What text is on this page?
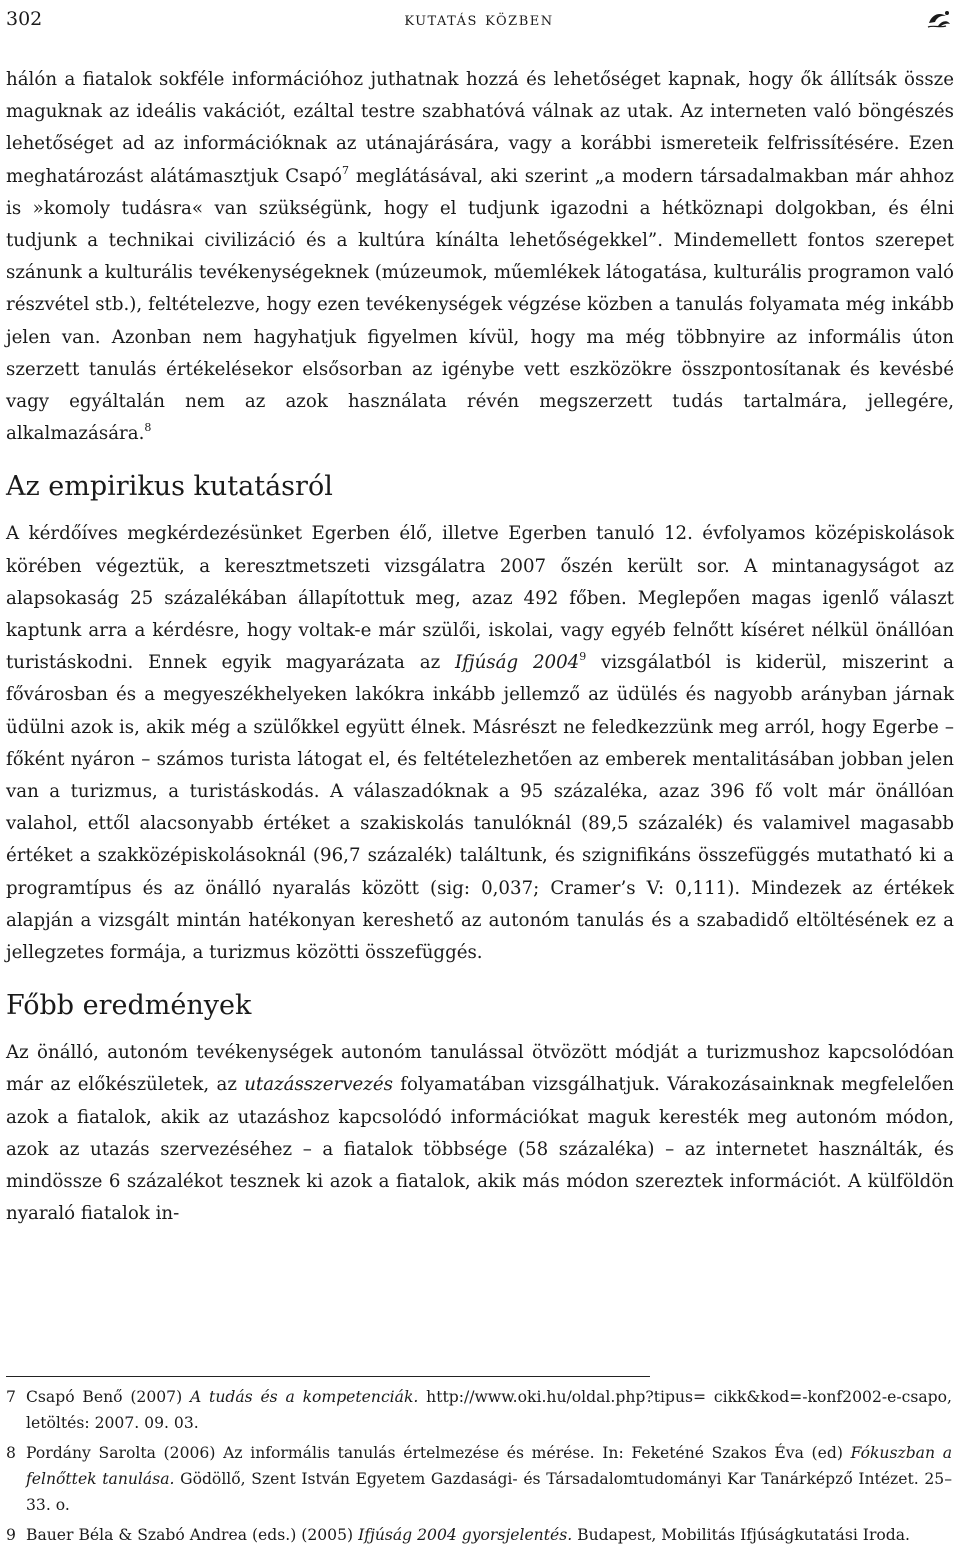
302	kutatás közben

hálón a fiatalok sokféle információhoz juthatnak hozzá és lehetőséget kapnak, hogy ők állítsák össze maguknak az ideális vakációt, ezáltal testre szabhatóvá válnak az utak. Az interneten való böngészés lehetőséget ad az információknak az utánajárására, vagy a korábbi ismereteik felfrissítésére. Ezen meghatározást alátámasztjuk Csapó$^7$ meglátásával, aki szerint „a modern társadalmakban már ahhoz is »komoly tudásra« van szükségünk, hogy el tudjunk igazodni a hétköznapi dolgokban, és élni tudjunk a technikai civilizáció és a kultúra kínálta lehetőségekkel”. Mindemellett fontos szerepet szánunk a kulturális tevékenységeknek (múzeumok, műemlékek látogatása, kulturális programon való részvétel stb.), feltételezve, hogy ezen tevékenységek végzése közben a tanulás folyamata még inkább jelen van. Azonban nem hagyhatjuk figyelmen kívül, hogy ma még többnyire az informális úton szerzett tanulás értékelésekor elsősorban az igénybe vett eszközökre összpontosítanak és kevésbé vagy egyáltalán nem az azok használata révén megszerzett tudás tartalmára, jellegére, alkalmazására.$^8$

Az empirikus kutatásról

A kérdőíves megkérdezésünket Egerben élő, illetve Egerben tanuló 12. évfolyamos középiskolások körében végeztük, a keresztmetszeti vizsgálatra 2007 őszén került sor. A mintanagyságot az alapsokaság 25 százalékában állapítottuk meg, azaz 492 főben. Meglepően magas igenlő választ kaptunk arra a kérdésre, hogy voltak-e már szülői, iskolai, vagy egyéb felnőtt kíséret nélkül önállóan turistáskodni. Ennek egyik magyarázata az Ifjúság 2004$^9$ vizsgálatból is kiderül, miszerint a fővárosban és a megyeszékhelyeken lakókra inkább jellemző az üdülés és nagyobb arányban járnak üdülni azok is, akik még a szülőkkel együtt élnek. Másrészt ne feledkezzünk meg arról, hogy Egerbe – főként nyáron – számos turista látogat el, és feltételezhetően az emberek mentalitásában jobban jelen van a turizmus, a turistáskodás. A válaszadóknak a 95 százaléka, azaz 396 fő volt már önállóan valahol, ettől alacsonyabb értéket a szakiskolás tanulóknál (89,5 százalék) és valamivel magasabb értéket a szakközépiskolásoknál (96,7 százalék) találtunk, és szignifikáns összefüggés mutatható ki a programtípus és az önálló nyaralás között (sig: 0,037; Cramer’s V: 0,111). Mindezek az értékek alapján a vizsgált mintán hatékonyan kereshető az autonóm tanulás és a szabadidő eltöltésének ez a jellegzetes formája, a turizmus közötti összefüggés.

Főbb eredmények

Az önálló, autonóm tevékenységek autonóm tanulással ötvözött módját a turizmushoz kapcsolódóan már az előkészületek, az utazásszervezés folyamatában vizsgálhatjuk. Várakozásainknak megfelelően azok a fiatalok, akik az utazáshoz kapcsolódó információkat maguk keresték meg autonóm módon, azok az utazás szervezéséhez – a fiatalok többsége (58 százaléka) – az internetet használták, és mindössze 6 százalékot tesznek ki azok a fiatalok, akik más módon szereztek információt. A külföldön nyaraló fiatalok in-

7 Csapó Benő (2007) A tudás és a kompetenciák. http://www.oki.hu/oldal.php?tipus= cikk&kod=-konf2002-e-csapo, letöltés: 2007. 09. 03.

8 Pordány Sarolta (2006) Az informális tanulás értelmezése és mérése. In: Feketéné Szakos Éva (ed) Fókuszban a felnőttek tanulása. Gödöllő, Szent István Egyetem Gazdasági- és Társadalomtudományi Kar Tanárképző Intézet. 25–33. o.

9 Bauer Béla & Szabó Andrea (eds.) (2005) Ifjúság 2004 gyorsjelentés. Budapest, Mobilitás Ifjúságkutatási Iroda.
